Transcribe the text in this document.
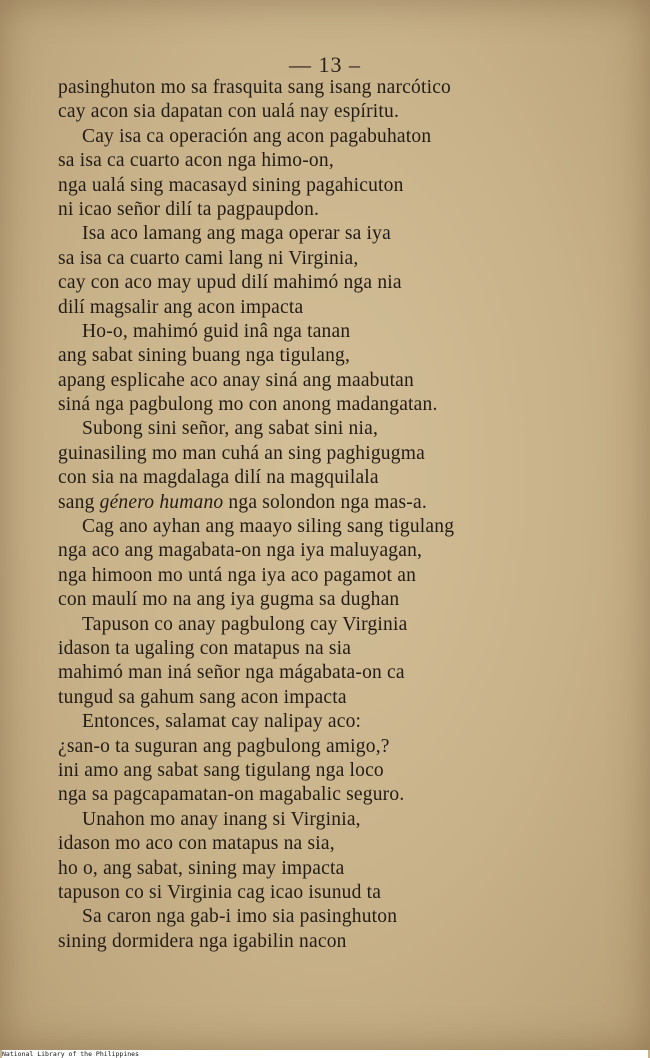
— 13 –
pasinghuton mo sa frasquita sang isang narcótico
cay acon sia dapatan con ualá nay espíritu.
Cay isa ca operación ang acon pagabuhaton
sa isa ca cuarto acon nga himo-on,
nga ualá sing macasayd sining pagahicuton
ni icao señor dilí ta pagpaupdon.
Isa aco lamang ang maga operar sa iya
sa isa ca cuarto cami lang ni Virginia,
cay con aco may upud dilí mahimó nga nia
dilí magsalir ang acon impacta
Ho-o, mahimó guid inâ nga tanan
ang sabat sining buang nga tigulang,
apang esplicahe aco anay siná ang maabutan
siná nga pagbulong mo con anong madangatan.
Subong sini señor, ang sabat sini nia,
guinasiling mo man cuhá an sing paghigugma
con sia na magdalaga dilí na magquilala
sang género humano nga solondon nga mas-a.
Cag ano ayhan ang maayo siling sang tigulang
nga aco ang magabata-on nga iya maluyagan,
nga himoon mo untá nga iya aco pagamot an
con maulí mo na ang iya gugma sa dughan
Tapuson co anay pagbulong cay Virginia
idason ta ugaling con matapus na sia
mahimó man iná señor nga mágabata-on ca
tungud sa gahum sang acon impacta
Entonces, salamat cay nalipay aco:
¿san-o ta suguran ang pagbulong amigo,?
ini amo ang sabat sang tigulang nga loco
nga sa pagcapamatan-on magabalic seguro.
Unahon mo anay inang si Virginia,
idason mo aco con matapus na sia,
ho o, ang sabat, sining may impacta
tapuson co si Virginia cag icao isunud ta
Sa caron nga gab-i imo sia pasinghuton
sining dormidera nga igabilin nacon
National Library of the Philippines
